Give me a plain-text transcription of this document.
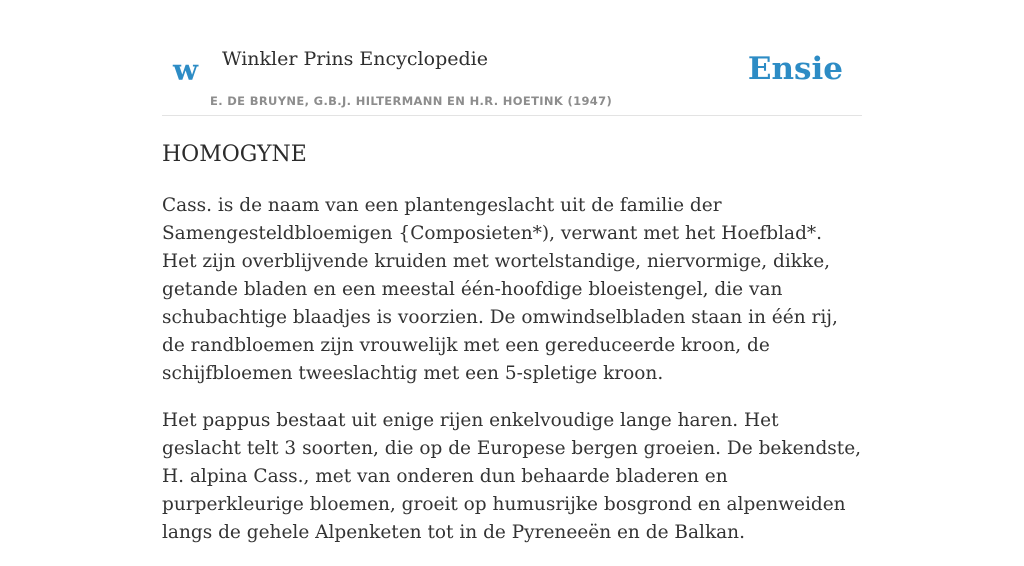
w Winkler Prins Encyclopedie
E. DE BRUYNE, G.B.J. HILTERMANN EN H.R. HOETINK (1947)
Ensie
HOMOGYNE

Cass. is de naam van een plantengeslacht uit de familie der Samengesteldbloemigen {Composieten*), verwant met het Hoefblad*. Het zijn overblijvende kruiden met wortelstandige, niervormige, dikke, getande bladen en een meestal één-hoofdige bloeistengel, die van schubachtige blaadjes is voorzien. De omwindselbladen staan in één rij, de randbloemen zijn vrouwelijk met een gereduceerde kroon, de schijfbloemen tweeslachtig met een 5-spletige kroon.

Het pappus bestaat uit enige rijen enkelvoudige lange haren. Het geslacht telt 3 soorten, die op de Europese bergen groeien. De bekendste, H. alpina Cass., met van onderen dun behaarde bladeren en purperkleurige bloemen, groeit op humusrijke bosgrond en alpenweiden langs de gehele Alpenketen tot in de Pyreneeën en de Balkan.
